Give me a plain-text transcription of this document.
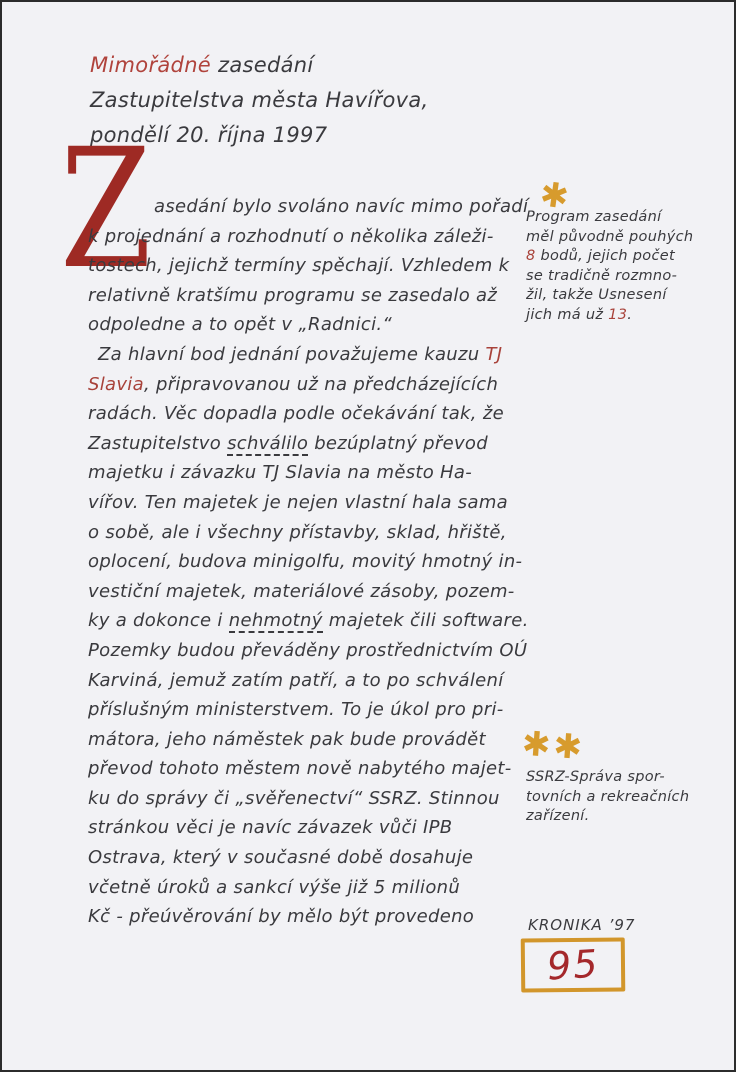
Mimořádné zasedání
Zastupitelstva města Havířova,
pondělí 20. října 1997
Z asedání bylo svoláno navíc mimo pořadí
k projednání a rozhodnutí o několika záleži-
tostech, jejichž termíny spěchají. Vzhledem k
relativně kratšímu programu se zasedalo až
odpoledne a to opět v „Radnici.“
Za hlavní bod jednání považujeme kauzu TJ
Slavia, připravovanou už na předcházejících
radách. Věc dopadla podle očekávání tak, že
Zastupitelstvo schválilo bezúplatný převod
majetku i závazku TJ Slavia na město Ha-
vířov. Ten majetek je nejen vlastní hala sama
o sobě, ale i všechny přístavby, sklad, hřiště,
oplocení, budova minigolfu, movitý hmotný in-
vestiční majetek, materiálové zásoby, pozem-
ky a dokonce i nehmotný majetek čili software.
Pozemky budou převáděny prostřednictvím OÚ
Karviná, jemuž zatím patří, a to po schválení
příslušným ministerstvem. To je úkol pro pri-
mátora, jeho náměstek pak bude provádět
převod tohoto městem nově nabytého majet-
ku do správy či „svěřenectví“ SSRZ. Stinnou
stránkou věci je navíc závazek vůči IPB
Ostrava, který v současné době dosahuje
včetně úroků a sankcí výše již 5 milionů
Kč - přeúvěrování by mělo být provedeno
✱
Program zasedání
měl původně pouhých
8 bodů, jejich počet
se tradičně rozmno-
žil, takže Usnesení
jich má už 13.
✱✱
SSRZ-Správa spor-
tovních a rekreačních
zařízení.
KRONIKA ’97
95
